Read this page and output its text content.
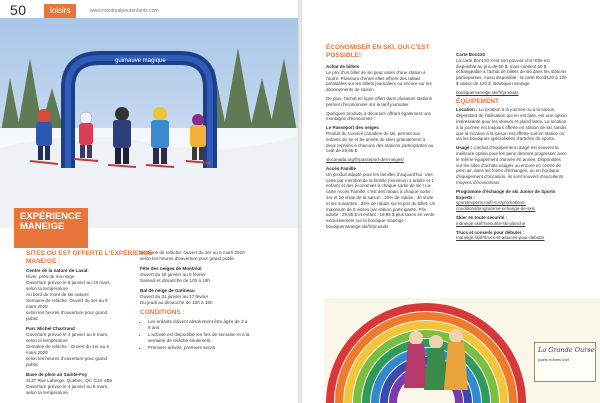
50	loisirs	www.montrealpourenfants.com
guimauve magique
EXPÉRIENCE
MANEIGE
SITES OÙ EST OFFERTE L'EXPÉRIENCE MANEIGE :
Centre de la nature de Laval:
Hiver, près de ma neige
Ouverture prévue le 8 janvier au 15 mars,
selon la température
Au bord du mont de ski naturel
Semaine de relâche: Ouvert du 1er au 5 mars 2020
selon les heures d'ouverture pour grand public
Parc Michel Chartrand
Ouverture prévue le 4 janvier au 8 mars,
selon la température
Semaine de relâche : Ouvert du 1er au 5 mars 2020
selon les heures d'ouverture pour grand public
Base de plein air Sainte-Foy
3137 Rue Laberge, Québec, QC G1X 4B5
Ouverture prévue le 4 janvier au 8 mars,
selon la température
Semaine de relâche: Ouvert du 1er au 5 mars 2020
selon les heures d'ouverture pour grand public
Fête des neiges de Montréal
Ouvert du 18 janvier au 9 février
Samedi et dimanche de 10h à 18h
Bal de neige de Gatineau
Ouvert du 31 janvier au 17 février
Du jeudi au dimanche de 10h à 18h
CONDITIONS :
• Les enfants doivent absolument être âgés de 3 à 8 ans.
• L'activité est disponible les fins de semaine et à la semaine de relâche seulement.
• Premiers arrivés, premiers servis.
ÉCONOMISER EN SKI, OUI C'EST POSSIBLE!

Achat de billets
Le prix d'un billet de ski peut varier d'une station à l'autre. Plusieurs d'entre elles offrent des rabais préalables sur les billets journaliers ou encore sur les abonnements de saison.

De plus, l'achat en ligne offert dans plusieurs stations permet d'économiser sur le tarif journalier.

Quelques produits à découvrir offrant également une montagne d'économies :

Le Passeport des neiges
Produit du Conseil canadien du ski, permet aux enfants de 4e et 5e année de skier gratuitement à deux reprises à chacune des stations participantes au coût de 29,95 $.

skicanada.org/fr/passeport-des-neiges/

Accès Famille
Un produit adapté pour les familles d'aujourd'hui. Une carte par membre de la famille (minimum 1 adulte et 1 enfant) et des économies à chaque sortie de ski ! La carte Accès Famille, c'est des rabais à chaque sortie : 1er et 2e visite de la saison : 20% de rabais ; 3e visite et les suivantes : 35% de rabais sur le prix du billet. Un maximum de 5 visites par station participante. Prix adulte : 29,95 $ et enfant : 19,95 $ plus taxes en vente exclusivement sur la boutique maneige : boutiquemaneige.ski/fr/produits

Carte Bon120
La carte Bon120 s'est son pouvoir d'or! Elle est disponible au prix de 50 $, mais contient 60 $ échangeable à l'achat de billets de ski dans les stations participantes. Aussi disponible : la carte Bon$120 à 100 $ valeur de 120 $. Boutique maneige.

boutiquemaneige.ski/fr/produits

ÉQUIPEMENT

Location : La location à la journée ou à la saison, dépendant de l'utilisation qui en est faite, est une option intéressante pour les skieurs et planchistes. La location à la journée est toujours offerte en station de ski, tandis que la location à la saison est offerte soit en station ou via les boutiques spécialisées d'articles de sports.

Usagé : L'achat d'équipement usagé est souvent la meilleure option pour les gens désirant progresser avec le même équipement d'année en année. Disponibles sur les sites d'achats usagés ou encore en centre de plein air, dans les foires d'échanges, ou en boutique d'équipement d'occasion, ils sont souvent d'excellents moyens d'économiser.

Programme d'échange de ski Junior de Sports Experts :
sportsexperts.ca/fr-CA/promotions-conditions/programme-echange-de-skis

Skier en toute sécurité :
maneige.ski/fr/securite-ski-planche

Trucs et conseils pour débuter :
maneige.ski/fr/trucs-et-astuces-pour-debuter

La Grande Ourse
jouets et livres d'art
